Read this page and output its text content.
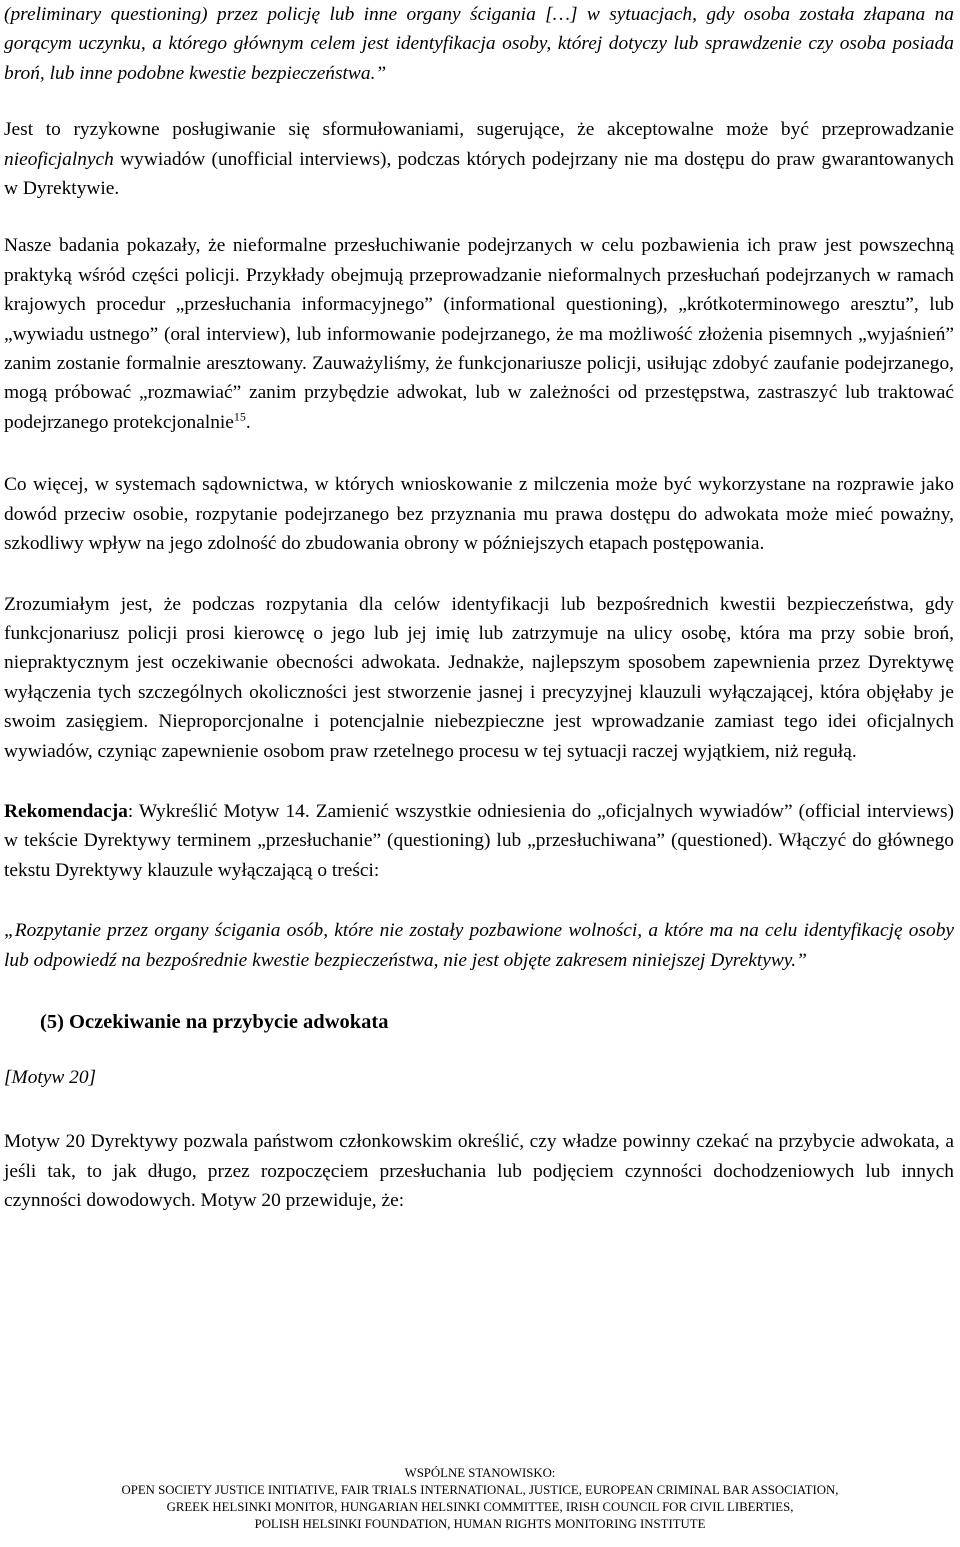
(preliminary questioning) przez policję lub inne organy ścigania […] w sytuacjach, gdy osoba została złapana na gorącym uczynku, a którego głównym celem jest identyfikacja osoby, której dotyczy lub sprawdzenie czy osoba posiada broń, lub inne podobne kwestie bezpieczeństwa.”

Jest to ryzykowne posługiwanie się sformułowaniami, sugerujące, że akceptowalne może być przeprowadzanie nieoficjalnych wywiadów (unofficial interviews), podczas których podejrzany nie ma dostępu do praw gwarantowanych w Dyrektywie.

Nasze badania pokazały, że nieformalne przesłuchiwanie podejrzanych w celu pozbawienia ich praw jest powszechną praktyką wśród części policji. Przykłady obejmują przeprowadzanie nieformalnych przesłuchań podejrzanych w ramach krajowych procedur „przesłuchania informacyjnego” (informational questioning), „krótkoterminowego aresztu”, lub „wywiadu ustnego” (oral interview), lub informowanie podejrzanego, że ma możliwość złożenia pisemnych „wyjaśnień” zanim zostanie formalnie aresztowany. Zauważyliśmy, że funkcjonariusze policji, usiłując zdobyć zaufanie podejrzanego, mogą próbować „rozmawiać” zanim przybędzie adwokat, lub w zależności od przestępstwa, zastraszyć lub traktować podejrzanego protekcjonalnie$^{15}$.

Co więcej, w systemach sądownictwa, w których wnioskowanie z milczenia może być wykorzystane na rozprawie jako dowód przeciw osobie, rozpytanie podejrzanego bez przyznania mu prawa dostępu do adwokata może mieć poważny, szkodliwy wpływ na jego zdolność do zbudowania obrony w późniejszych etapach postępowania.

Zrozumiałym jest, że podczas rozpytania dla celów identyfikacji lub bezpośrednich kwestii bezpieczeństwa, gdy funkcjonariusz policji prosi kierowcę o jego lub jej imię lub zatrzymuje na ulicy osobę, która ma przy sobie broń, niepraktycznym jest oczekiwanie obecności adwokata. Jednakże, najlepszym sposobem zapewnienia przez Dyrektywę wyłączenia tych szczególnych okoliczności jest stworzenie jasnej i precyzyjnej klauzuli wyłączającej, która objęłaby je swoim zasięgiem. Nieproporcjonalne i potencjalnie niebezpieczne jest wprowadzanie zamiast tego idei oficjalnych wywiadów, czyniąc zapewnienie osobom praw rzetelnego procesu w tej sytuacji raczej wyjątkiem, niż regułą.

Rekomendacja: Wykreślić Motyw 14. Zamienić wszystkie odniesienia do „oficjalnych wywiadów” (official interviews) w tekście Dyrektywy terminem „przesłuchanie” (questioning) lub „przesłuchiwana” (questioned). Włączyć do głównego tekstu Dyrektywy klauzule wyłączającą o treści:

„Rozpytanie przez organy ścigania osób, które nie zostały pozbawione wolności, a które ma na celu identyfikację osoby lub odpowiedź na bezpośrednie kwestie bezpieczeństwa, nie jest objęte zakresem niniejszej Dyrektywy.”

(5) Oczekiwanie na przybycie adwokata

[Motyw 20]

Motyw 20 Dyrektywy pozwala państwom członkowskim określić, czy władze powinny czekać na przybycie adwokata, a jeśli tak, to jak długo, przez rozpoczęciem przesłuchania lub podjęciem czynności dochodzeniowych lub innych czynności dowodowych. Motyw 20 przewiduje, że:

WSPÓLNE STANOWISKO:
OPEN SOCIETY JUSTICE INITIATIVE, FAIR TRIALS INTERNATIONAL, JUSTICE, EUROPEAN CRIMINAL BAR ASSOCIATION,
GREEK HELSINKI MONITOR, HUNGARIAN HELSINKI COMMITTEE, IRISH COUNCIL FOR CIVIL LIBERTIES,
POLISH HELSINKI FOUNDATION, HUMAN RIGHTS MONITORING INSTITUTE
